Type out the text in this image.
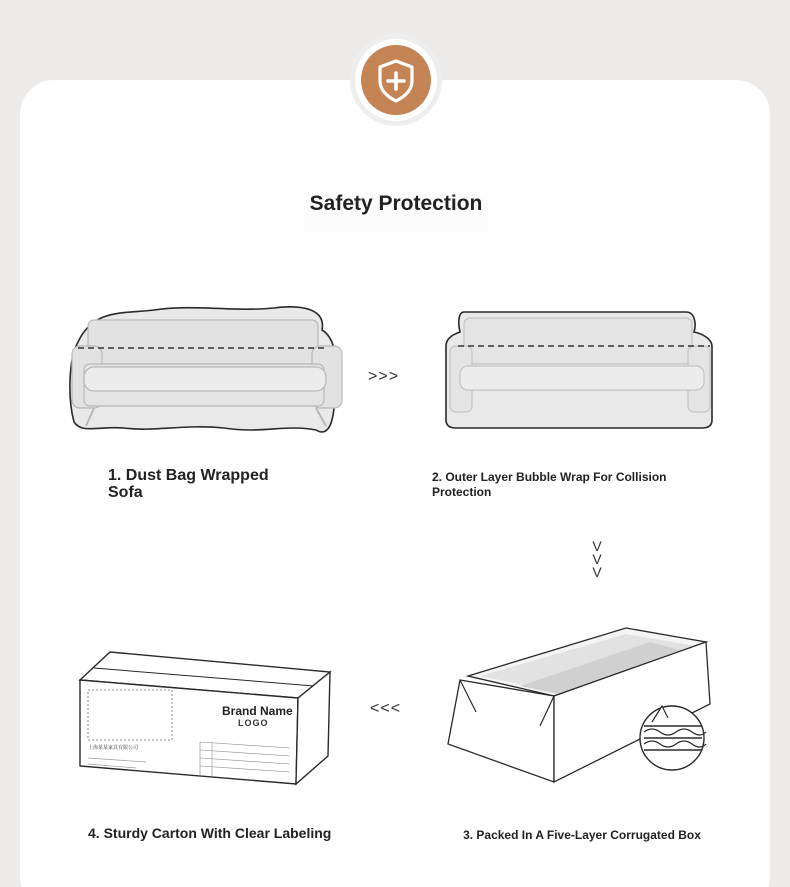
Safety Protection
>>>
1. Dust Bag Wrapped Sofa
2. Outer Layer Bubble Wrap For Collision Protection
V
V
V
Brand Name
LOGO
上海某某家具有限公司
<<<
4. Sturdy Carton With Clear Labeling	3. Packed In A Five-Layer Corrugated Box
